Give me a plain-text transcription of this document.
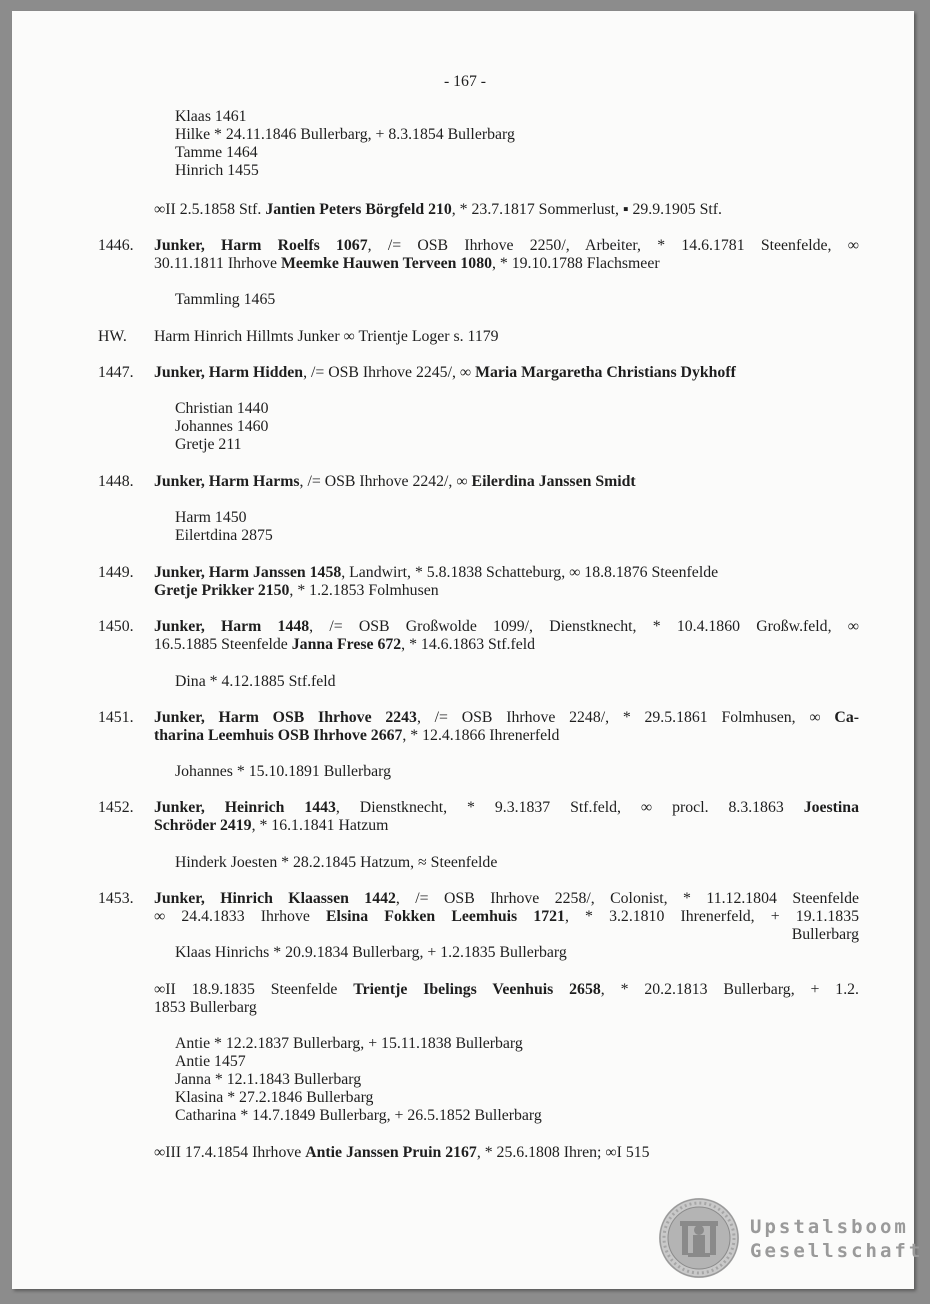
- 167 -
Klaas 1461
Hilke * 24.11.1846 Bullerbarg, + 8.3.1854 Bullerbarg
Tamme 1464
Hinrich 1455
∞II 2.5.1858 Stf. Jantien Peters Börgfeld 210, * 23.7.1817 Sommerlust, ▪ 29.9.1905 Stf.
1446. Junker, Harm Roelfs 1067, /= OSB Ihrhove 2250/, Arbeiter, * 14.6.1781 Steenfelde, ∞
30.11.1811 Ihrhove Meemke Hauwen Terveen 1080, * 19.10.1788 Flachsmeer
Tammling 1465
HW. Harm Hinrich Hillmts Junker ∞ Trientje Loger s. 1179
1447. Junker, Harm Hidden, /= OSB Ihrhove 2245/, ∞ Maria Margaretha Christians Dykhoff
Christian 1440
Johannes 1460
Gretje 211
1448. Junker, Harm Harms, /= OSB Ihrhove 2242/, ∞ Eilerdina Janssen Smidt
Harm 1450
Eilertdina 2875
1449. Junker, Harm Janssen 1458, Landwirt, * 5.8.1838 Schatteburg, ∞ 18.8.1876 Steenfelde
Gretje Prikker 2150, * 1.2.1853 Folmhusen
1450. Junker, Harm 1448, /= OSB Großwolde 1099/, Dienstknecht, * 10.4.1860 Großw.feld, ∞
16.5.1885 Steenfelde Janna Frese 672, * 14.6.1863 Stf.feld
Dina * 4.12.1885 Stf.feld
1451. Junker, Harm OSB Ihrhove 2243, /= OSB Ihrhove 2248/, * 29.5.1861 Folmhusen, ∞ Ca-
tharina Leemhuis OSB Ihrhove 2667, * 12.4.1866 Ihrenerfeld
Johannes * 15.10.1891 Bullerbarg
1452. Junker, Heinrich 1443, Dienstknecht, * 9.3.1837 Stf.feld, ∞ procl. 8.3.1863 Joestina
Schröder 2419, * 16.1.1841 Hatzum
Hinderk Joesten * 28.2.1845 Hatzum, ≈ Steenfelde
1453. Junker, Hinrich Klaassen 1442, /= OSB Ihrhove 2258/, Colonist, * 11.12.1804 Steenfelde
∞ 24.4.1833 Ihrhove Elsina Fokken Leemhuis 1721, * 3.2.1810 Ihrenerfeld, + 19.1.1835
Bullerbarg
Klaas Hinrichs * 20.9.1834 Bullerbarg, + 1.2.1835 Bullerbarg
∞II 18.9.1835 Steenfelde Trientje Ibelings Veenhuis 2658, * 20.2.1813 Bullerbarg, + 1.2.
1853 Bullerbarg
Antie * 12.2.1837 Bullerbarg, + 15.11.1838 Bullerbarg
Antie 1457
Janna * 12.1.1843 Bullerbarg
Klasina * 27.2.1846 Bullerbarg
Catharina * 14.7.1849 Bullerbarg, + 26.5.1852 Bullerbarg
∞III 17.4.1854 Ihrhove Antie Janssen Pruin 2167, * 25.6.1808 Ihren; ∞I 515
Upstalsboom
Gesellschaft
